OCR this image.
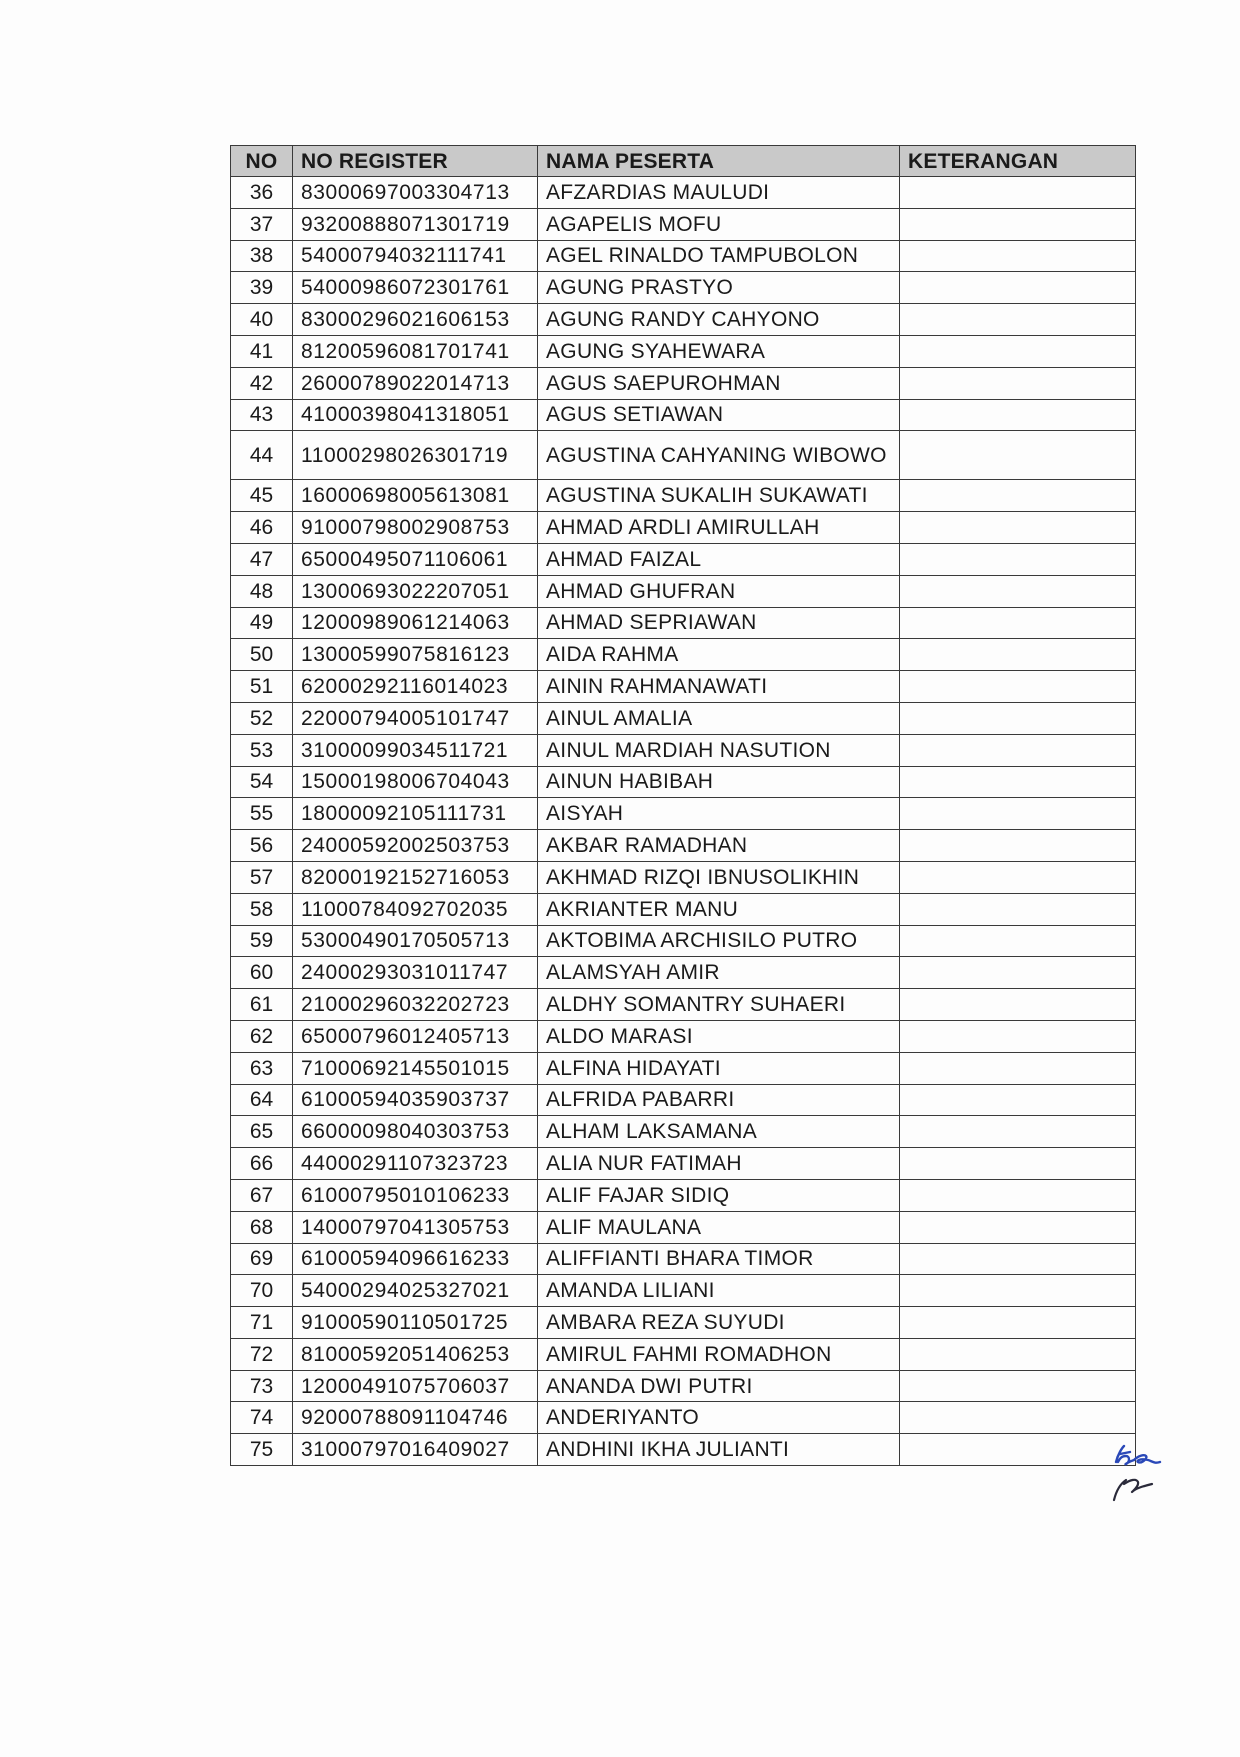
NO	NO REGISTER	NAMA PESERTA	KETERANGAN
36	83000697003304713	AFZARDIAS MAULUDI	
37	93200888071301719	AGAPELIS MOFU	
38	54000794032111741	AGEL RINALDO TAMPUBOLON	
39	54000986072301761	AGUNG PRASTYO	
40	83000296021606153	AGUNG RANDY CAHYONO	
41	81200596081701741	AGUNG SYAHEWARA	
42	26000789022014713	AGUS SAEPUROHMAN	
43	41000398041318051	AGUS SETIAWAN	
44	11000298026301719	AGUSTINA CAHYANING WIBOWO	
45	16000698005613081	AGUSTINA SUKALIH SUKAWATI	
46	91000798002908753	AHMAD ARDLI AMIRULLAH	
47	65000495071106061	AHMAD FAIZAL	
48	13000693022207051	AHMAD GHUFRAN	
49	12000989061214063	AHMAD SEPRIAWAN	
50	13000599075816123	AIDA RAHMA	
51	62000292116014023	AININ RAHMANAWATI	
52	22000794005101747	AINUL AMALIA	
53	31000099034511721	AINUL MARDIAH NASUTION	
54	15000198006704043	AINUN HABIBAH	
55	18000092105111731	AISYAH	
56	24000592002503753	AKBAR RAMADHAN	
57	82000192152716053	AKHMAD RIZQI IBNUSOLIKHIN	
58	11000784092702035	AKRIANTER MANU	
59	53000490170505713	AKTOBIMA ARCHISILO PUTRO	
60	24000293031011747	ALAMSYAH AMIR	
61	21000296032202723	ALDHY SOMANTRY SUHAERI	
62	65000796012405713	ALDO MARASI	
63	71000692145501015	ALFINA HIDAYATI	
64	61000594035903737	ALFRIDA PABARRI	
65	66000098040303753	ALHAM LAKSAMANA	
66	44000291107323723	ALIA NUR FATIMAH	
67	61000795010106233	ALIF FAJAR SIDIQ	
68	14000797041305753	ALIF MAULANA	
69	61000594096616233	ALIFFIANTI BHARA TIMOR	
70	54000294025327021	AMANDA LILIANI	
71	91000590110501725	AMBARA REZA SUYUDI	
72	81000592051406253	AMIRUL FAHMI ROMADHON	
73	12000491075706037	ANANDA DWI PUTRI	
74	92000788091104746	ANDERIYANTO	
75	31000797016409027	ANDHINI IKHA JULIANTI	
